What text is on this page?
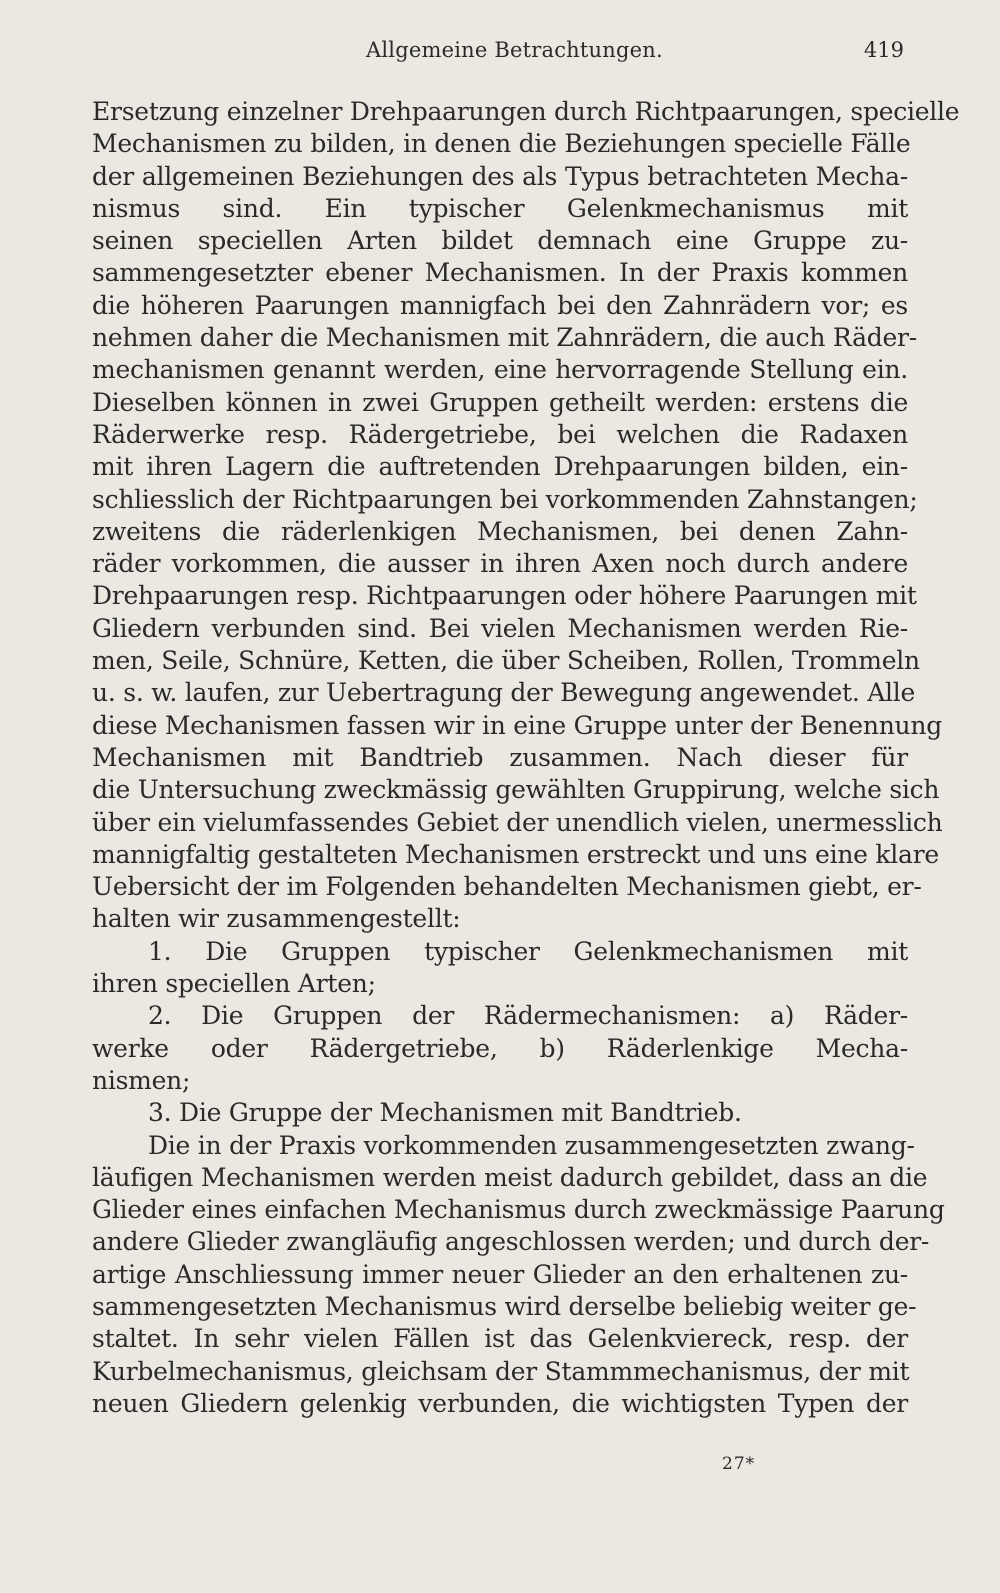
Allgemeine Betrachtungen.	419
Ersetzung einzelner Drehpaarungen durch Richtpaarungen, specielle
Mechanismen zu bilden, in denen die Beziehungen specielle Fälle
der allgemeinen Beziehungen des als Typus betrachteten Mecha-
nismus sind. Ein typischer Gelenkmechanismus mit
seinen speciellen Arten bildet demnach eine Gruppe zu-
sammengesetzter ebener Mechanismen. In der Praxis kommen
die höheren Paarungen mannigfach bei den Zahnrädern vor; es
nehmen daher die Mechanismen mit Zahnrädern, die auch Räder-
mechanismen genannt werden, eine hervorragende Stellung ein.
Dieselben können in zwei Gruppen getheilt werden: erstens die
Räderwerke resp. Rädergetriebe, bei welchen die Radaxen
mit ihren Lagern die auftretenden Drehpaarungen bilden, ein-
schliesslich der Richtpaarungen bei vorkommenden Zahnstangen;
zweitens die räderlenkigen Mechanismen, bei denen Zahn-
räder vorkommen, die ausser in ihren Axen noch durch andere
Drehpaarungen resp. Richtpaarungen oder höhere Paarungen mit
Gliedern verbunden sind. Bei vielen Mechanismen werden Rie-
men, Seile, Schnüre, Ketten, die über Scheiben, Rollen, Trommeln
u. s. w. laufen, zur Uebertragung der Bewegung angewendet. Alle
diese Mechanismen fassen wir in eine Gruppe unter der Benennung
Mechanismen mit Bandtrieb zusammen. Nach dieser für
die Untersuchung zweckmässig gewählten Gruppirung, welche sich
über ein vielumfassendes Gebiet der unendlich vielen, unermesslich
mannigfaltig gestalteten Mechanismen erstreckt und uns eine klare
Uebersicht der im Folgenden behandelten Mechanismen giebt, er-
halten wir zusammengestellt:
1. Die Gruppen typischer Gelenkmechanismen mit
ihren speciellen Arten;
2. Die Gruppen der Rädermechanismen: a) Räder-
werke oder Rädergetriebe, b) Räderlenkige Mecha-
nismen;
3. Die Gruppe der Mechanismen mit Bandtrieb.
Die in der Praxis vorkommenden zusammengesetzten zwang-
läufigen Mechanismen werden meist dadurch gebildet, dass an die
Glieder eines einfachen Mechanismus durch zweckmässige Paarung
andere Glieder zwangläufig angeschlossen werden; und durch der-
artige Anschliessung immer neuer Glieder an den erhaltenen zu-
sammengesetzten Mechanismus wird derselbe beliebig weiter ge-
staltet. In sehr vielen Fällen ist das Gelenkviereck, resp. der
Kurbelmechanismus, gleichsam der Stammmechanismus, der mit
neuen Gliedern gelenkig verbunden, die wichtigsten Typen der
27*
